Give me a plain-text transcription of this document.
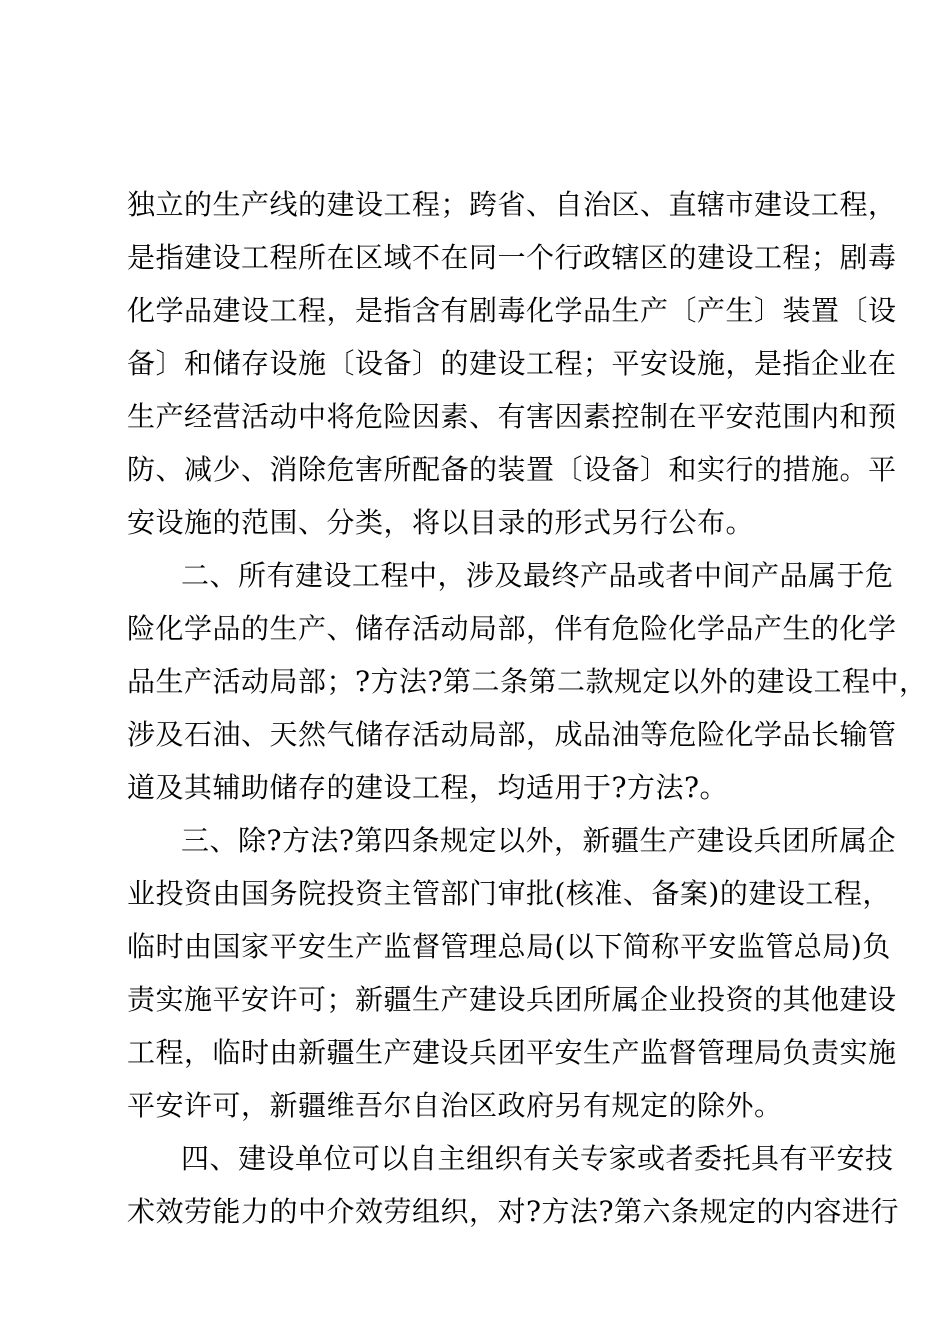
独立的生产线的建设工程；跨省、自治区、直辖市建设工程，
是指建设工程所在区域不在同一个行政辖区的建设工程；剧毒
化学品建设工程，是指含有剧毒化学品生产〔产生〕装置〔设
备〕和储存设施〔设备〕的建设工程；平安设施，是指企业在
生产经营活动中将危险因素、有害因素控制在平安范围内和预
防、减少、消除危害所配备的装置〔设备〕和实行的措施。平
安设施的范围、分类，将以目录的形式另行公布。
二、所有建设工程中，涉及最终产品或者中间产品属于危
险化学品的生产、储存活动局部，伴有危险化学品产生的化学
品生产活动局部；?方法?第二条第二款规定以外的建设工程中，
涉及石油、天然气储存活动局部，成品油等危险化学品长输管
道及其辅助储存的建设工程，均适用于?方法?。
三、除?方法?第四条规定以外，新疆生产建设兵团所属企
业投资由国务院投资主管部门审批(核准、备案)的建设工程，
临时由国家平安生产监督管理总局(以下简称平安监管总局)负
责实施平安许可；新疆生产建设兵团所属企业投资的其他建设
工程，临时由新疆生产建设兵团平安生产监督管理局负责实施
平安许可，新疆维吾尔自治区政府另有规定的除外。
四、建设单位可以自主组织有关专家或者委托具有平安技
术效劳能力的中介效劳组织，对?方法?第六条规定的内容进行
